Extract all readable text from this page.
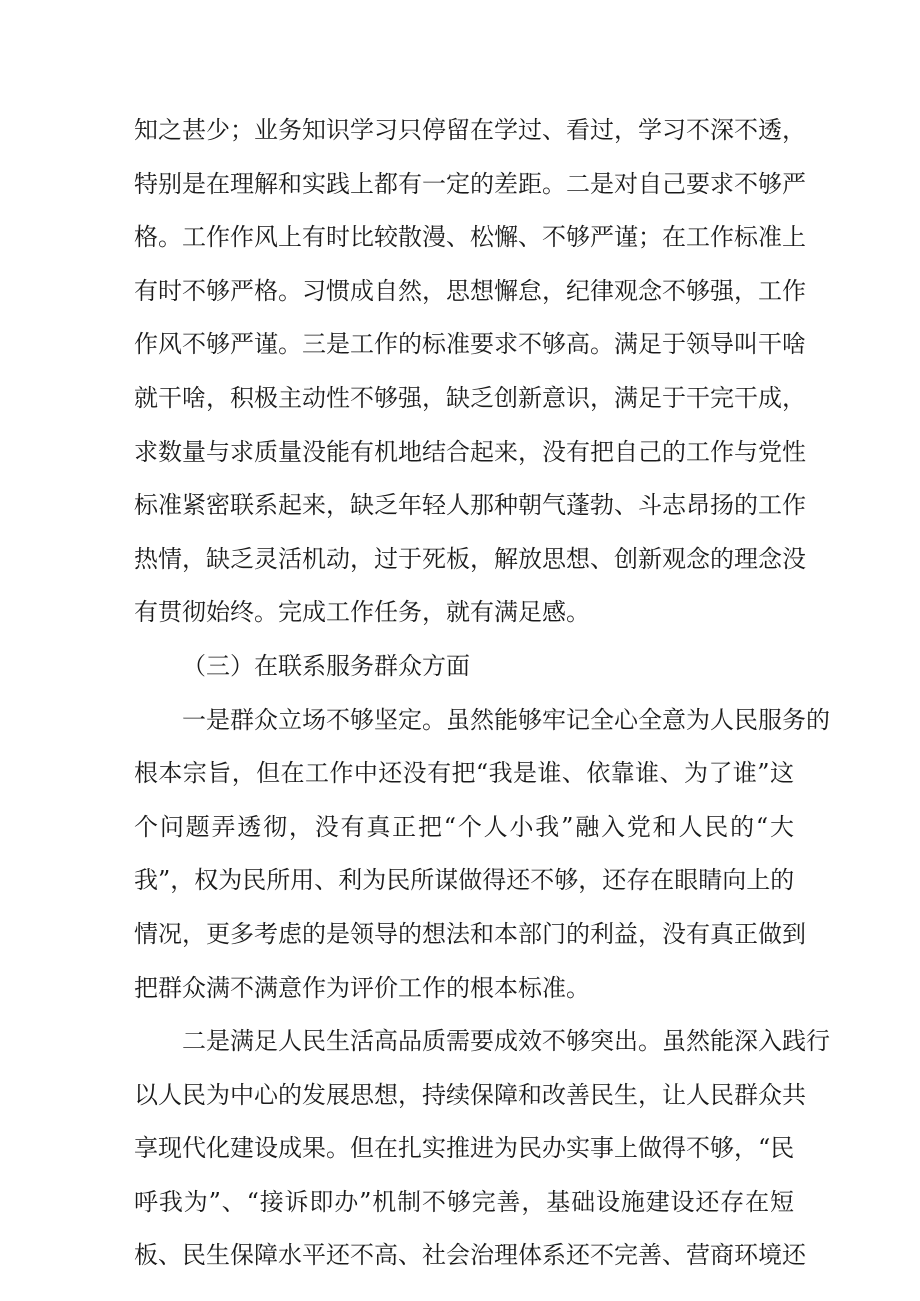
知之甚少；业务知识学习只停留在学过、看过，学习不深不透，
特别是在理解和实践上都有一定的差距。二是对自己要求不够严
格。工作作风上有时比较散漫、松懈、不够严谨；在工作标准上
有时不够严格。习惯成自然，思想懈怠，纪律观念不够强，工作
作风不够严谨。三是工作的标准要求不够高。满足于领导叫干啥
就干啥，积极主动性不够强，缺乏创新意识，满足于干完干成，
求数量与求质量没能有机地结合起来，没有把自己的工作与党性
标准紧密联系起来，缺乏年轻人那种朝气蓬勃、斗志昂扬的工作
热情，缺乏灵活机动，过于死板，解放思想、创新观念的理念没
有贯彻始终。完成工作任务，就有满足感。
（三）在联系服务群众方面
一是群众立场不够坚定。虽然能够牢记全心全意为人民服务的
根本宗旨，但在工作中还没有把“我是谁、依靠谁、为了谁”这
个问题弄透彻，没有真正把“个人小我”融入党和人民的“大
我”，权为民所用、利为民所谋做得还不够，还存在眼睛向上的
情况，更多考虑的是领导的想法和本部门的利益，没有真正做到
把群众满不满意作为评价工作的根本标准。
二是满足人民生活高品质需要成效不够突出。虽然能深入践行
以人民为中心的发展思想，持续保障和改善民生，让人民群众共
享现代化建设成果。但在扎实推进为民办实事上做得不够，“民
呼我为”、“接诉即办”机制不够完善，基础设施建设还存在短
板、民生保障水平还不高、社会治理体系还不完善、营商环境还
